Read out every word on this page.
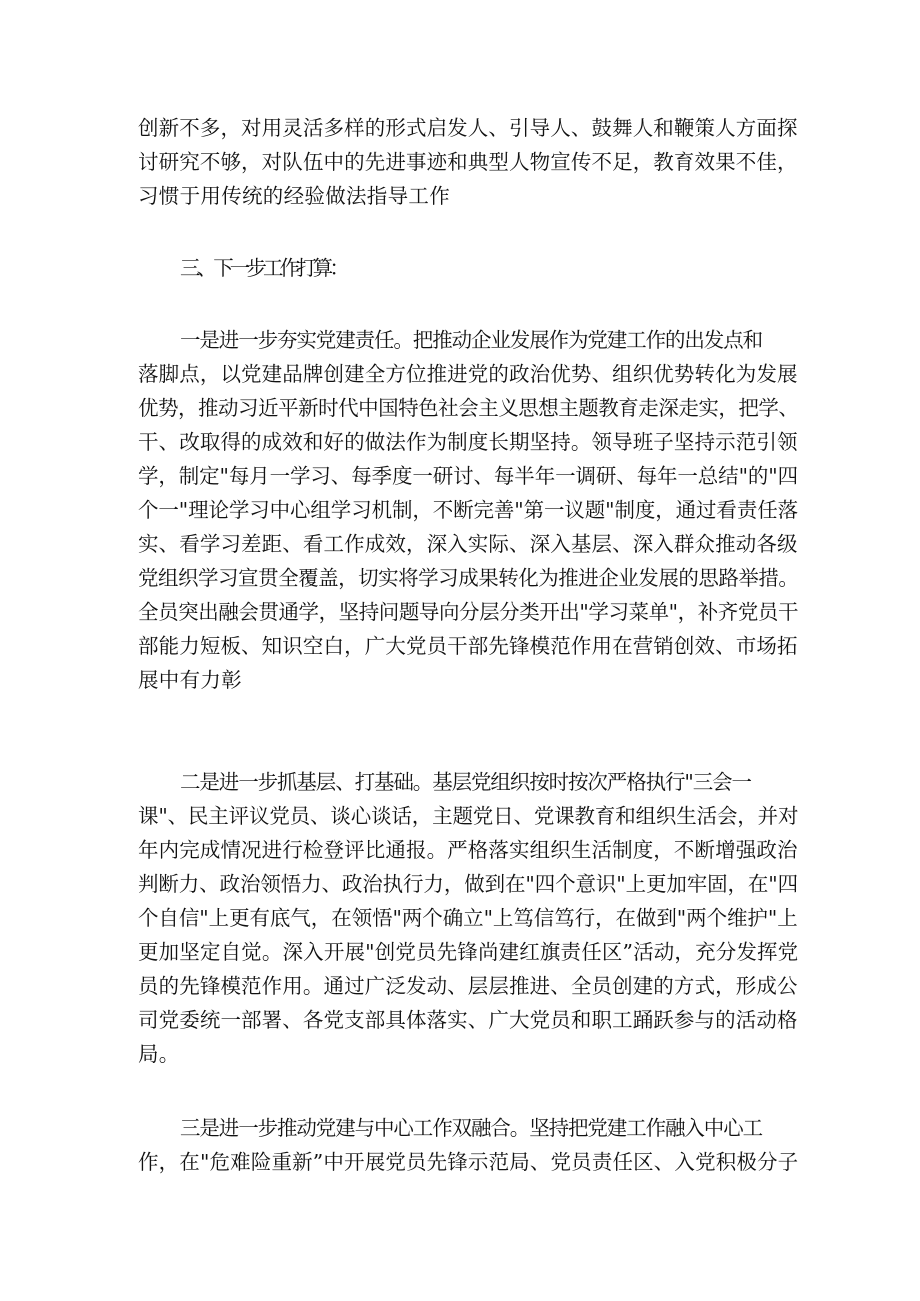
创新不多，对用灵活多样的形式启发人、引导人、鼓舞人和鞭策人方面探
讨研究不够，对队伍中的先进事迹和典型人物宣传不足，教育效果不佳，
习惯于用传统的经验做法指导工作
三、下一步工作打算：
一是进一步夯实党建责任。把推动企业发展作为党建工作的出发点和
落脚点，以党建品牌创建全方位推进党的政治优势、组织优势转化为发展
优势，推动习近平新时代中国特色社会主义思想主题教育走深走实，把学、
干、改取得的成效和好的做法作为制度长期坚持。领导班子坚持示范引领
学，制定"每月一学习、每季度一研讨、每半年一调研、每年一总结"的"四
个一"理论学习中心组学习机制，不断完善"第一议题"制度，通过看责任落
实、看学习差距、看工作成效，深入实际、深入基层、深入群众推动各级
党组织学习宣贯全覆盖，切实将学习成果转化为推进企业发展的思路举措。
全员突出融会贯通学，坚持问题导向分层分类开出"学习菜单"，补齐党员干
部能力短板、知识空白，广大党员干部先锋模范作用在营销创效、市场拓
展中有力彰
二是进一步抓基层、打基础。基层党组织按时按次严格执行"三会一
课"、民主评议党员、谈心谈话，主题党日、党课教育和组织生活会，并对
年内完成情况进行检登评比通报。严格落实组织生活制度，不断增强政治
判断力、政治领悟力、政治执行力，做到在"四个意识"上更加牢固，在"四
个自信"上更有底气，在领悟"两个确立"上笃信笃行，在做到"两个维护"上
更加坚定自觉。深入开展"创党员先锋尚建红旗责任区”活动，充分发挥党
员的先锋模范作用。通过广泛发动、层层推进、全员创建的方式，形成公
司党委统一部署、各党支部具体落实、广大党员和职工踊跃参与的活动格
局。
三是进一步推动党建与中心工作双融合。坚持把党建工作融入中心工
作，在"危难险重新”中开展党员先锋示范局、党员责任区、入党积极分子
